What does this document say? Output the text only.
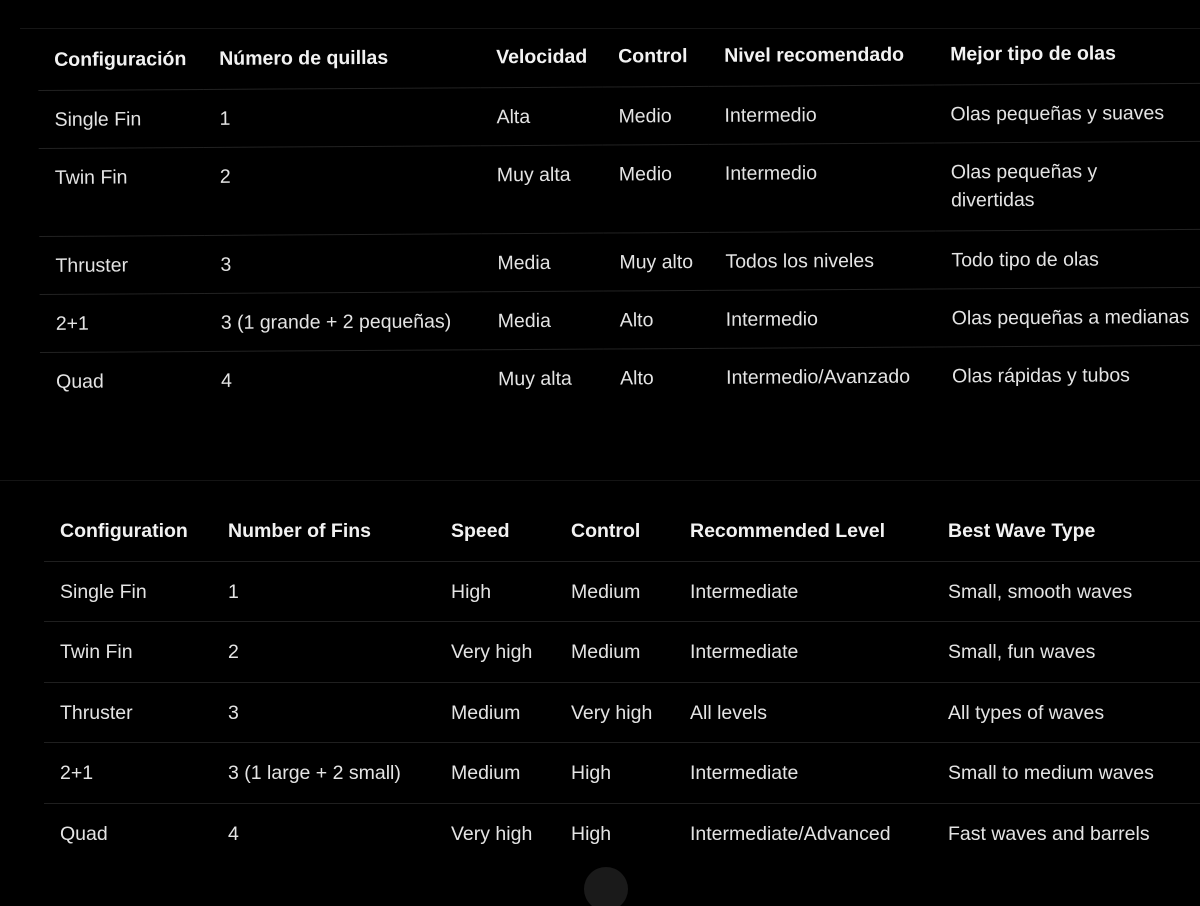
Configuración	Número de quillas	Velocidad	Control	Nivel recomendado	Mejor tipo de olas
Single Fin	1	Alta	Medio	Intermedio	Olas pequeñas y suaves
Twin Fin	2	Muy alta	Medio	Intermedio	Olas pequeñas y divertidas
Thruster	3	Media	Muy alto	Todos los niveles	Todo tipo de olas
2+1	3 (1 grande + 2 pequeñas)	Media	Alto	Intermedio	Olas pequeñas a medianas
Quad	4	Muy alta	Alto	Intermedio/Avanzado	Olas rápidas y tubos
Configuration	Number of Fins	Speed	Control	Recommended Level	Best Wave Type
Single Fin	1	High	Medium	Intermediate	Small, smooth waves
Twin Fin	2	Very high	Medium	Intermediate	Small, fun waves
Thruster	3	Medium	Very high	All levels	All types of waves
2+1	3 (1 large + 2 small)	Medium	High	Intermediate	Small to medium waves
Quad	4	Very high	High	Intermediate/Advanced	Fast waves and barrels
